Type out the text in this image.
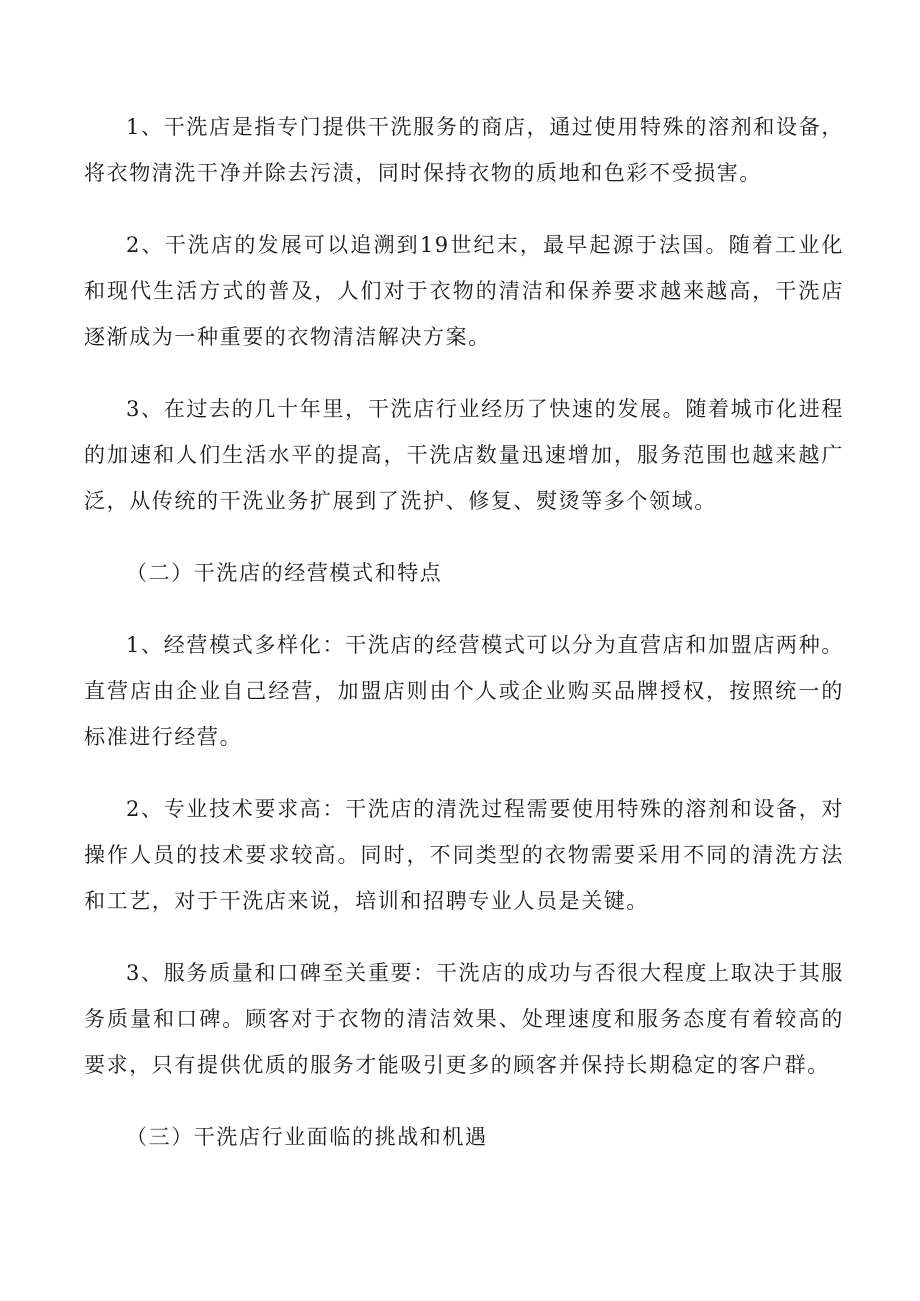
1、干洗店是指专门提供干洗服务的商店，通过使用特殊的溶剂和设备，将衣物清洗干净并除去污渍，同时保持衣物的质地和色彩不受损害。

2、干洗店的发展可以追溯到19世纪末，最早起源于法国。随着工业化和现代生活方式的普及，人们对于衣物的清洁和保养要求越来越高，干洗店逐渐成为一种重要的衣物清洁解决方案。

3、在过去的几十年里，干洗店行业经历了快速的发展。随着城市化进程的加速和人们生活水平的提高，干洗店数量迅速增加，服务范围也越来越广泛，从传统的干洗业务扩展到了洗护、修复、熨烫等多个领域。

（二）干洗店的经营模式和特点

1、经营模式多样化：干洗店的经营模式可以分为直营店和加盟店两种。直营店由企业自己经营，加盟店则由个人或企业购买品牌授权，按照统一的标准进行经营。

2、专业技术要求高：干洗店的清洗过程需要使用特殊的溶剂和设备，对操作人员的技术要求较高。同时，不同类型的衣物需要采用不同的清洗方法和工艺，对于干洗店来说，培训和招聘专业人员是关键。

3、服务质量和口碑至关重要：干洗店的成功与否很大程度上取决于其服务质量和口碑。顾客对于衣物的清洁效果、处理速度和服务态度有着较高的要求，只有提供优质的服务才能吸引更多的顾客并保持长期稳定的客户群。

（三）干洗店行业面临的挑战和机遇
